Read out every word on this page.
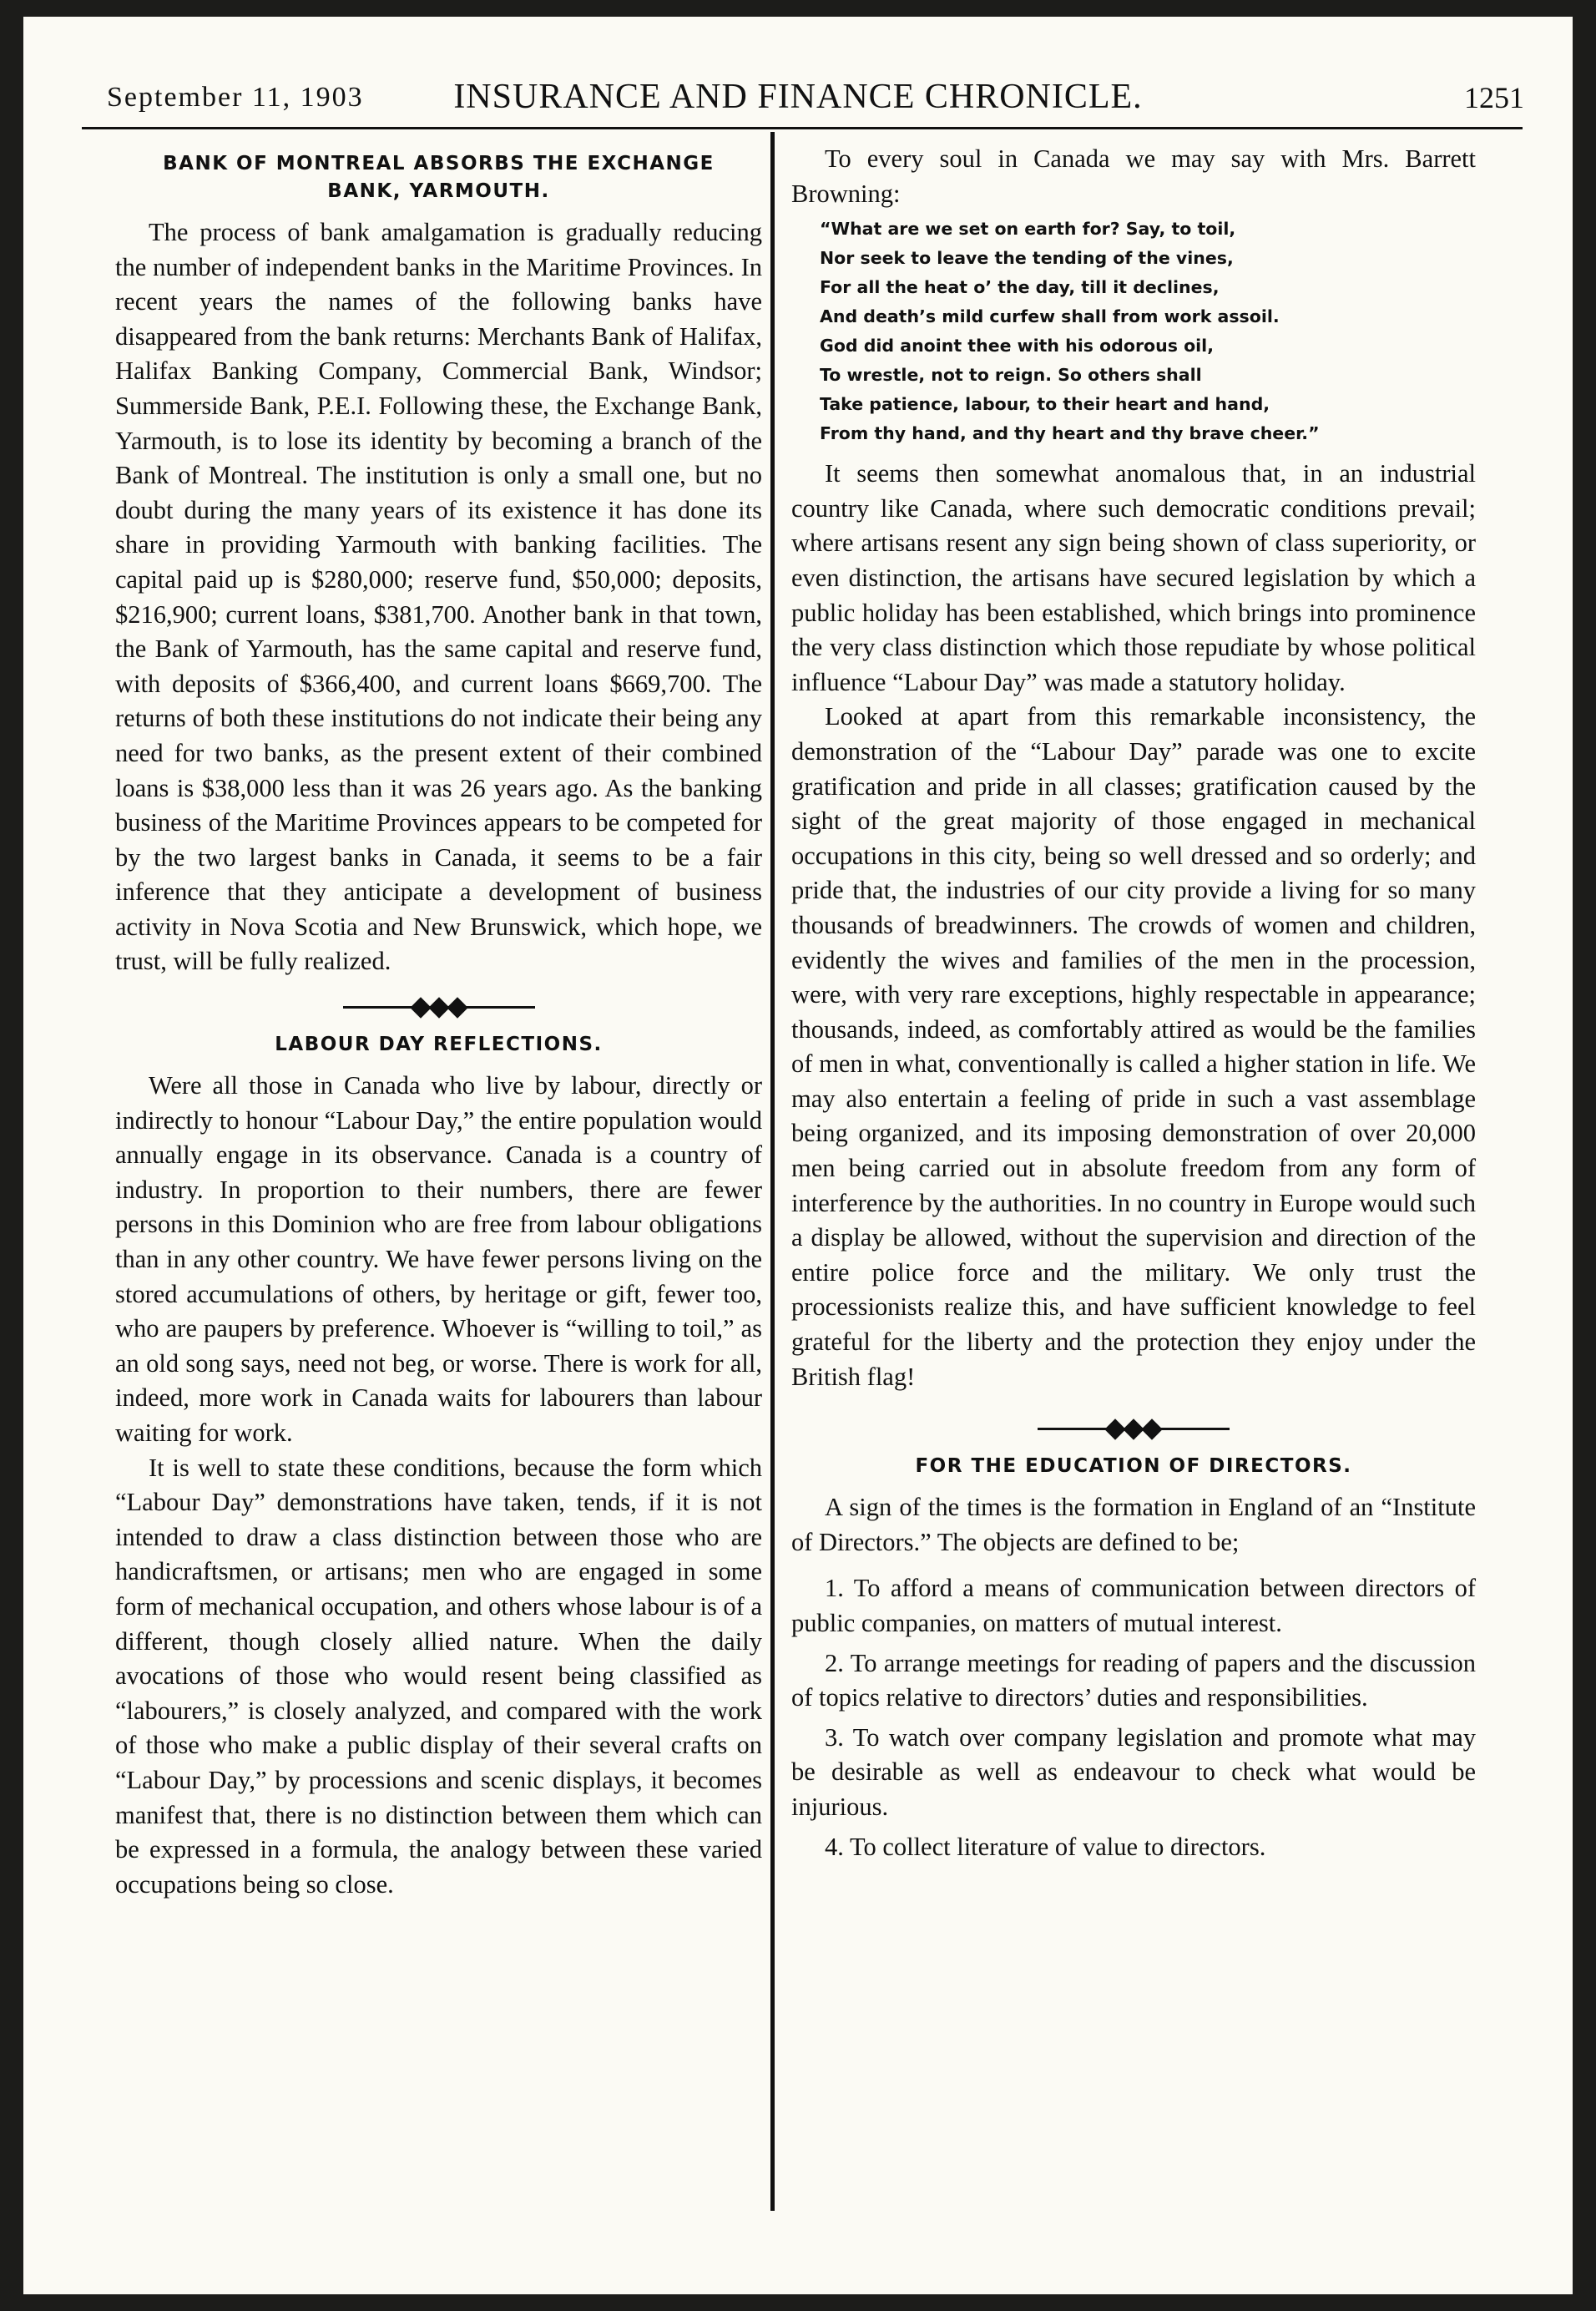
September 11, 1903	INSURANCE AND FINANCE CHRONICLE.	1251
BANK OF MONTREAL ABSORBS THE EXCHANGE BANK, YARMOUTH.

The process of bank amalgamation is gradually reducing the number of independent banks in the Maritime Provinces. In recent years the names of the following banks have disappeared from the bank returns: Merchants Bank of Halifax, Halifax Banking Company, Commercial Bank, Windsor; Summerside Bank, P.E.I. Following these, the Exchange Bank, Yarmouth, is to lose its identity by becoming a branch of the Bank of Montreal. The institution is only a small one, but no doubt during the many years of its existence it has done its share in providing Yarmouth with banking facilities. The capital paid up is $280,000; reserve fund, $50,000; deposits, $216,900; current loans, $381,700. Another bank in that town, the Bank of Yarmouth, has the same capital and reserve fund, with deposits of $366,400, and current loans $669,700. The returns of both these institutions do not indicate their being any need for two banks, as the present extent of their combined loans is $38,000 less than it was 26 years ago. As the banking business of the Maritime Provinces appears to be competed for by the two largest banks in Canada, it seems to be a fair inference that they anticipate a development of business activity in Nova Scotia and New Brunswick, which hope, we trust, will be fully realized.

LABOUR DAY REFLECTIONS.

Were all those in Canada who live by labour, directly or indirectly to honour “Labour Day,” the entire population would annually engage in its observance. Canada is a country of industry. In proportion to their numbers, there are fewer persons in this Dominion who are free from labour obligations than in any other country. We have fewer persons living on the stored accumulations of others, by heritage or gift, fewer too, who are paupers by preference. Whoever is “willing to toil,” as an old song says, need not beg, or worse. There is work for all, indeed, more work in Canada waits for labourers than labour waiting for work.

It is well to state these conditions, because the form which “Labour Day” demonstrations have taken, tends, if it is not intended to draw a class distinction between those who are handicraftsmen, or artisans; men who are engaged in some form of mechanical occupation, and others whose labour is of a different, though closely allied nature. When the daily avocations of those who would resent being classified as “labourers,” is closely analyzed, and compared with the work of those who make a public display of their several crafts on “Labour Day,” by processions and scenic displays, it becomes manifest that, there is no distinction between them which can be expressed in a formula, the analogy between these varied occupations being so close.

To every soul in Canada we may say with Mrs. Barrett Browning:

“What are we set on earth for? Say, to toil,
Nor seek to leave the tending of the vines,
For all the heat o’ the day, till it declines,
And death’s mild curfew shall from work assoil.
God did anoint thee with his odorous oil,
To wrestle, not to reign. So others shall
Take patience, labour, to their heart and hand,
From thy hand, and thy heart and thy brave cheer.”

It seems then somewhat anomalous that, in an industrial country like Canada, where such democratic conditions prevail; where artisans resent any sign being shown of class superiority, or even distinction, the artisans have secured legislation by which a public holiday has been established, which brings into prominence the very class distinction which those repudiate by whose political influence “Labour Day” was made a statutory holiday.

Looked at apart from this remarkable inconsistency, the demonstration of the “Labour Day” parade was one to excite gratification and pride in all classes; gratification caused by the sight of the great majority of those engaged in mechanical occupations in this city, being so well dressed and so orderly; and pride that, the industries of our city provide a living for so many thousands of breadwinners. The crowds of women and children, evidently the wives and families of the men in the procession, were, with very rare exceptions, highly respectable in appearance; thousands, indeed, as comfortably attired as would be the families of men in what, conventionally is called a higher station in life. We may also entertain a feeling of pride in such a vast assemblage being organized, and its imposing demonstration of over 20,000 men being carried out in absolute freedom from any form of interference by the authorities. In no country in Europe would such a display be allowed, without the supervision and direction of the entire police force and the military. We only trust the processionists realize this, and have sufficient knowledge to feel grateful for the liberty and the protection they enjoy under the British flag!

FOR THE EDUCATION OF DIRECTORS.

A sign of the times is the formation in England of an “Institute of Directors.” The objects are defined to be;

1. To afford a means of communication between directors of public companies, on matters of mutual interest.

2. To arrange meetings for reading of papers and the discussion of topics relative to directors’ duties and responsibilities.

3. To watch over company legislation and promote what may be desirable as well as endeavour to check what would be injurious.

4. To collect literature of value to directors.
